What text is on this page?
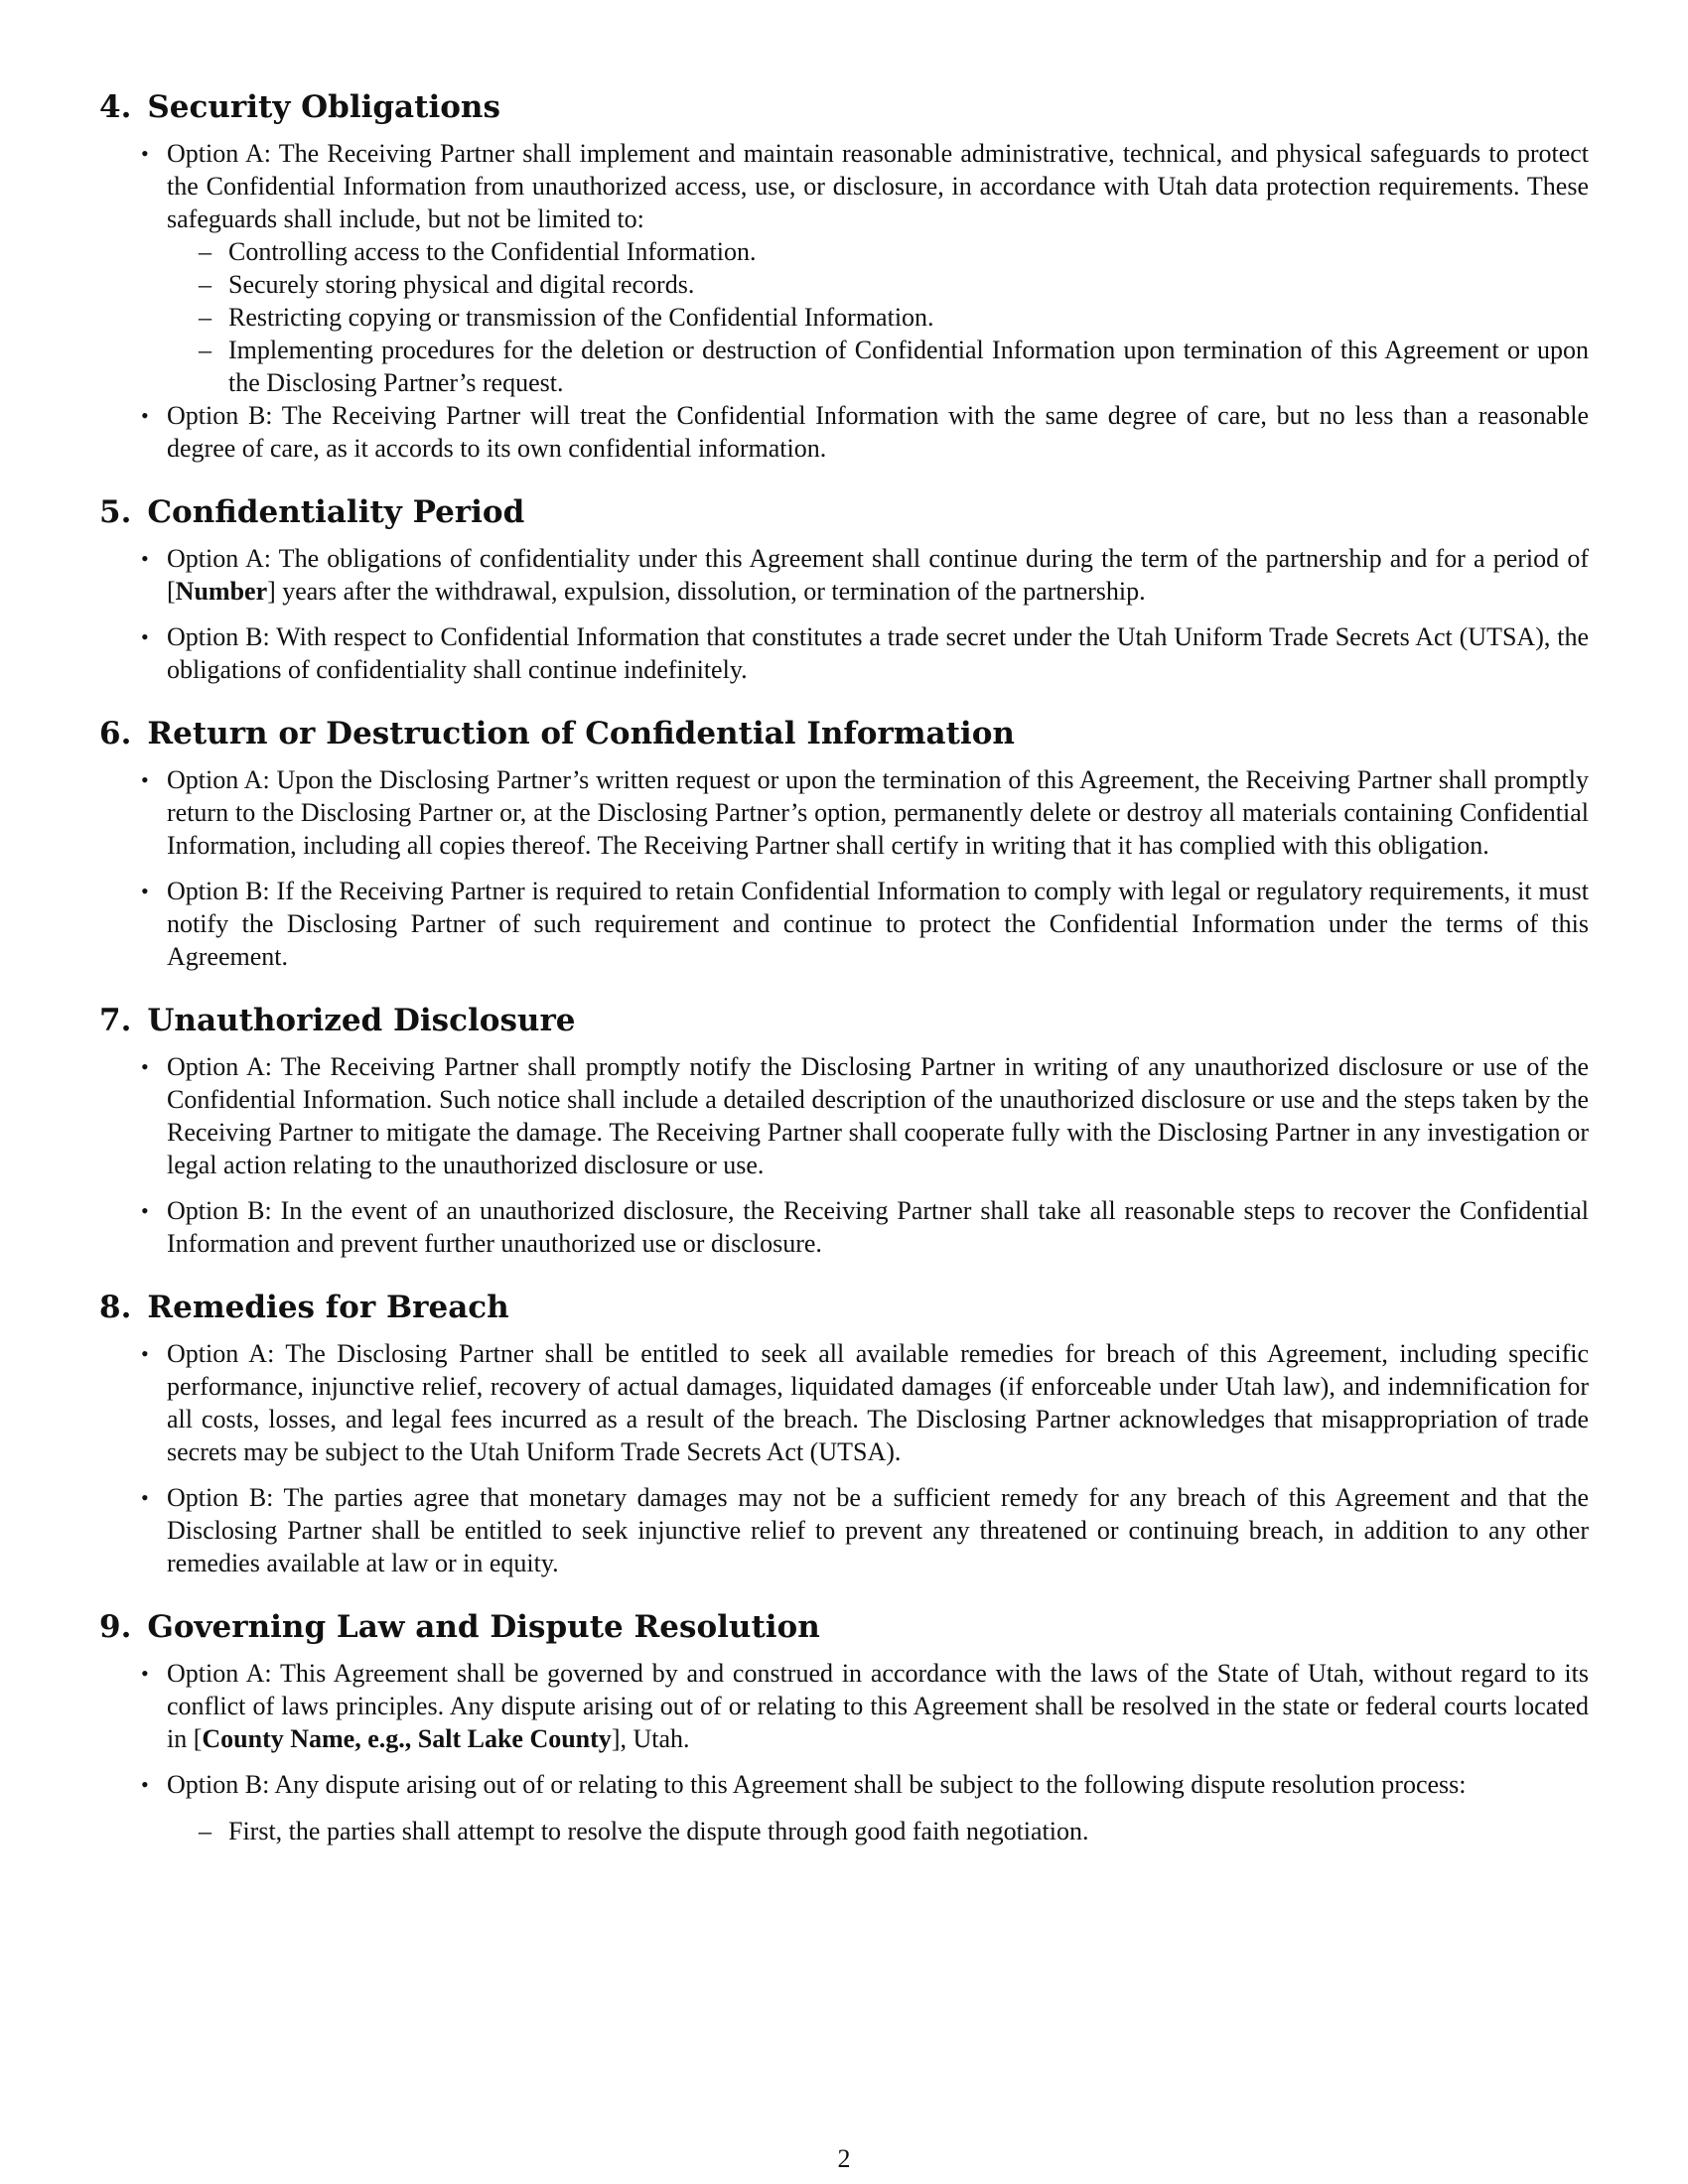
4. Security Obligations
• Option A: The Receiving Partner shall implement and maintain reasonable administrative, technical, and physical safeguards to protect the Confidential Information from unauthorized access, use, or disclosure, in accordance with Utah data protection requirements. These safeguards shall include, but not be limited to:
– Controlling access to the Confidential Information.
– Securely storing physical and digital records.
– Restricting copying or transmission of the Confidential Information.
– Implementing procedures for the deletion or destruction of Confidential Information upon termination of this Agreement or upon the Disclosing Partner’s request.
• Option B: The Receiving Partner will treat the Confidential Information with the same degree of care, but no less than a reasonable degree of care, as it accords to its own confidential information.
5. Confidentiality Period
• Option A: The obligations of confidentiality under this Agreement shall continue during the term of the partnership and for a period of [Number] years after the withdrawal, expulsion, dissolution, or termination of the partnership.
• Option B: With respect to Confidential Information that constitutes a trade secret under the Utah Uniform Trade Secrets Act (UTSA), the obligations of confidentiality shall continue indefinitely.
6. Return or Destruction of Confidential Information
• Option A: Upon the Disclosing Partner’s written request or upon the termination of this Agreement, the Receiving Partner shall promptly return to the Disclosing Partner or, at the Disclosing Partner’s option, permanently delete or destroy all materials containing Confidential Information, including all copies thereof. The Receiving Partner shall certify in writing that it has complied with this obligation.
• Option B: If the Receiving Partner is required to retain Confidential Information to comply with legal or regulatory requirements, it must notify the Disclosing Partner of such requirement and continue to protect the Confidential Information under the terms of this Agreement.
7. Unauthorized Disclosure
• Option A: The Receiving Partner shall promptly notify the Disclosing Partner in writing of any unauthorized disclosure or use of the Confidential Information. Such notice shall include a detailed description of the unauthorized disclosure or use and the steps taken by the Receiving Partner to mitigate the damage. The Receiving Partner shall cooperate fully with the Disclosing Partner in any investigation or legal action relating to the unauthorized disclosure or use.
• Option B: In the event of an unauthorized disclosure, the Receiving Partner shall take all reasonable steps to recover the Confidential Information and prevent further unauthorized use or disclosure.
8. Remedies for Breach
• Option A: The Disclosing Partner shall be entitled to seek all available remedies for breach of this Agreement, including specific performance, injunctive relief, recovery of actual damages, liquidated damages (if enforceable under Utah law), and indemnification for all costs, losses, and legal fees incurred as a result of the breach. The Disclosing Partner acknowledges that misappropriation of trade secrets may be subject to the Utah Uniform Trade Secrets Act (UTSA).
• Option B: The parties agree that monetary damages may not be a sufficient remedy for any breach of this Agreement and that the Disclosing Partner shall be entitled to seek injunctive relief to prevent any threatened or continuing breach, in addition to any other remedies available at law or in equity.
9. Governing Law and Dispute Resolution
• Option A: This Agreement shall be governed by and construed in accordance with the laws of the State of Utah, without regard to its conflict of laws principles. Any dispute arising out of or relating to this Agreement shall be resolved in the state or federal courts located in [County Name, e.g., Salt Lake County], Utah.
• Option B: Any dispute arising out of or relating to this Agreement shall be subject to the following dispute resolution process:
– First, the parties shall attempt to resolve the dispute through good faith negotiation.
2
